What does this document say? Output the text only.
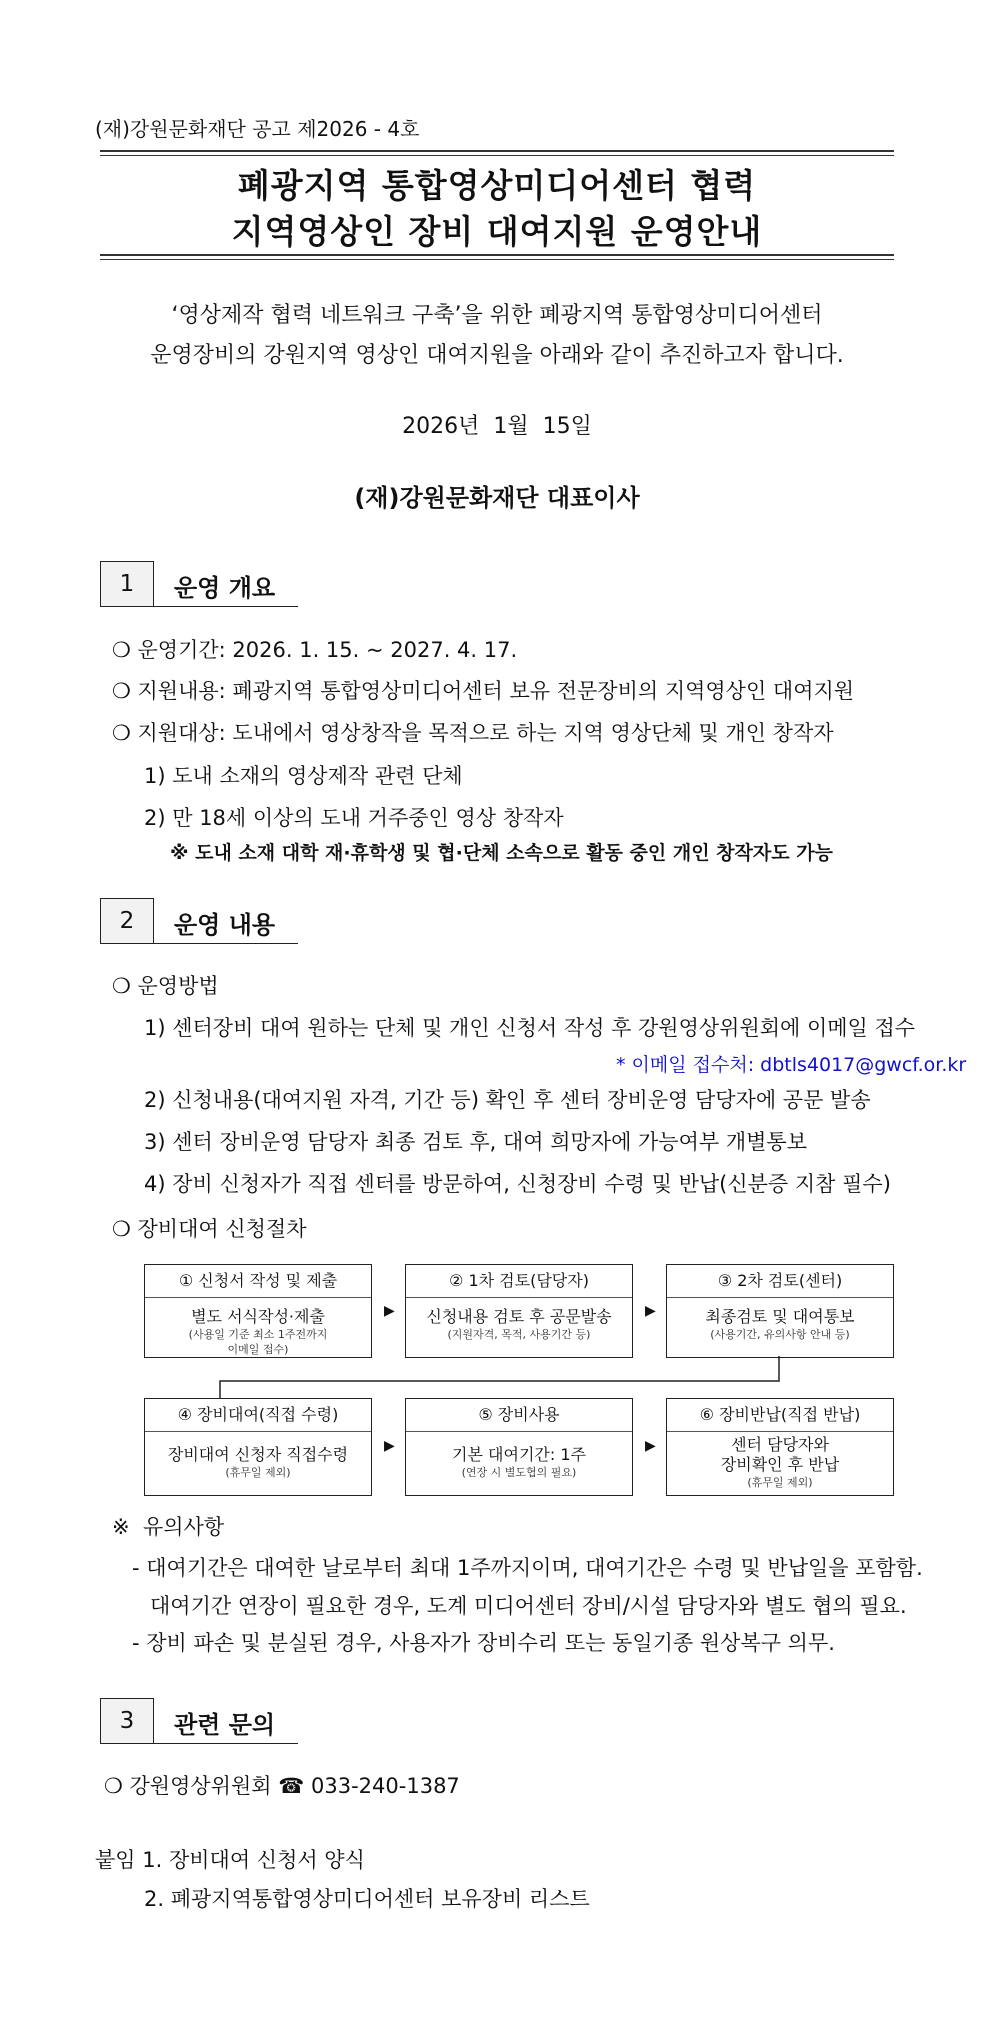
(재)강원문화재단 공고 제2026 - 4호
폐광지역 통합영상미디어센터 협력
지역영상인 장비 대여지원 운영안내
‘영상제작 협력 네트워크 구축’을 위한 폐광지역 통합영상미디어센터
운영장비의 강원지역 영상인 대여지원을 아래와 같이 추진하고자 합니다.
2026년  1월  15일
(재)강원문화재단 대표이사
1	운영 개요
❍ 운영기간: 2026. 1. 15. ~ 2027. 4. 17.
❍ 지원내용: 폐광지역 통합영상미디어센터 보유 전문장비의 지역영상인 대여지원
❍ 지원대상: 도내에서 영상창작을 목적으로 하는 지역 영상단체 및 개인 창작자
1) 도내 소재의 영상제작 관련 단체
2) 만 18세 이상의 도내 거주중인 영상 창작자
※ 도내 소재 대학 재·휴학생 및 협·단체 소속으로 활동 중인 개인 창작자도 가능
2	운영 내용
❍ 운영방법
1) 센터장비 대여 원하는 단체 및 개인 신청서 작성 후 강원영상위원회에 이메일 접수
* 이메일 접수처: dbtls4017@gwcf.or.kr
2) 신청내용(대여지원 자격, 기간 등) 확인 후 센터 장비운영 담당자에 공문 발송
3) 센터 장비운영 담당자 최종 검토 후, 대여 희망자에 가능여부 개별통보
4) 장비 신청자가 직접 센터를 방문하여, 신청장비 수령 및 반납(신분증 지참 필수)
❍ 장비대여 신청절차
① 신청서 작성 및 제출
별도 서식작성·제출
(사용일 기준 최소 1주전까지
이메일 접수)
▶
② 1차 검토(담당자)
신청내용 검토 후 공문발송
(지원자격, 목적, 사용기간 등)
▶
③ 2차 검토(센터)
최종검토 및 대여통보
(사용기간, 유의사항 안내 등)
④ 장비대여(직접 수령)
장비대여 신청자 직접수령
(휴무일 제외)
▶
⑤ 장비사용
기본 대여기간: 1주
(연장 시 별도협의 필요)
▶
⑥ 장비반납(직접 반납)
센터 담당자와
장비확인 후 반납
(휴무일 제외)
※  유의사항
- 대여기간은 대여한 날로부터 최대 1주까지이며, 대여기간은 수령 및 반납일을 포함함.
대여기간 연장이 필요한 경우, 도계 미디어센터 장비/시설 담당자와 별도 협의 필요.
- 장비 파손 및 분실된 경우, 사용자가 장비수리 또는 동일기종 원상복구 의무.
3	관련 문의
❍ 강원영상위원회 ☎ 033-240-1387
붙임 1. 장비대여 신청서 양식
2. 폐광지역통합영상미디어센터 보유장비 리스트
